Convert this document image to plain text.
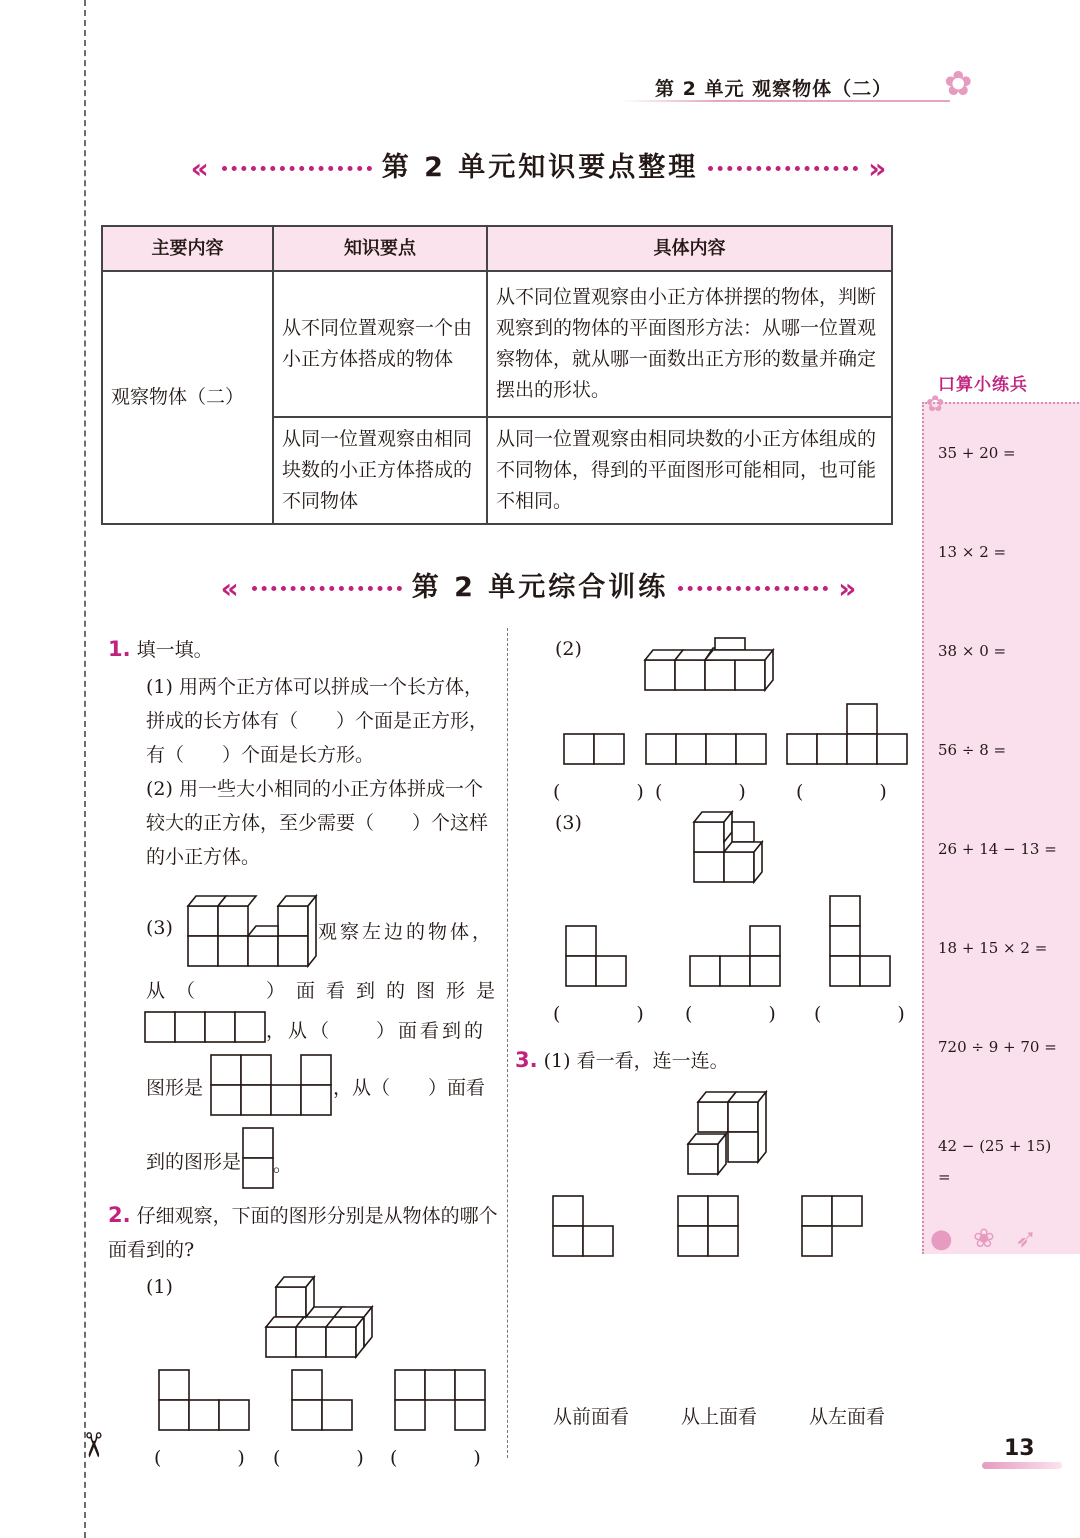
✂
第 2 单元 观察物体（二） ✿
«	第 2 单元知识要点整理	»
主要内容	知识要点	具体内容
观察物体（二）	从不同位置观察一个由小正方体搭成的物体	从不同位置观察由小正方体拼摆的物体，判断观察到的物体的平面图形方法：从哪一位置观察物体，就从哪一面数出正方形的数量并确定摆出的形状。
	从同一位置观察由相同块数的小正方体搭成的不同物体	从同一位置观察由相同块数的小正方体组成的不同物体，得到的平面图形可能相同，也可能不相同。
«	第 2 单元综合训练	»
1. 填一填。
(1) 用两个正方体可以拼成一个长方体，拼成的长方体有（　　）个面是正方形，有（　　）个面是长方形。
(2) 用一些大小相同的小正方体拼成一个较大的正方体，至少需要（　　）个这样的小正方体。
(3)	观察左边的物体，
从（　　）面看到的图形是
，从（　　）面看到的
图形是	，从（　　）面看
到的图形是 。
2. 仔细观察，下面的图形分别是从物体的哪个面看到的?
(1)
(　　　　) (　　　　) (　　　　)
(2)
(　　　　) (　　　　)	(　　　　)
(3)
(　　　　) (　　　　) (　　　　)
3. (1) 看一看，连一连。
从前面看	从上面看	从左面看
口算小练兵
✿
35 + 20 =
13 × 2 =
38 × 0 =
56 ÷ 8 =
26 + 14 − 13 =
18 + 15 × 2 =
720 ÷ 9 + 70 =
42 − (25 + 15)
=
● ❀ ➶
13
